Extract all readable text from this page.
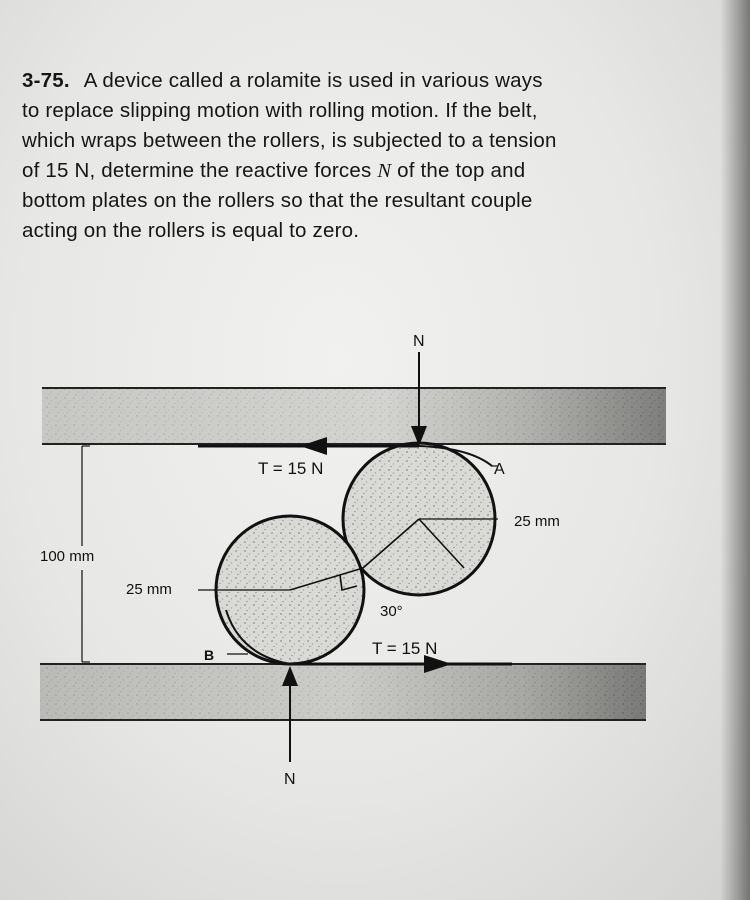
3-75. A device called a rolamite is used in various ways
to replace slipping motion with rolling motion. If the belt,
which wraps between the rollers, is subjected to a tension
of 15 N, determine the reactive forces N of the top and
bottom plates on the rollers so that the resultant couple
acting on the rollers is equal to zero.
N
N
T = 15 N
T = 15 N
A
B
25 mm
25 mm
100 mm
30°
